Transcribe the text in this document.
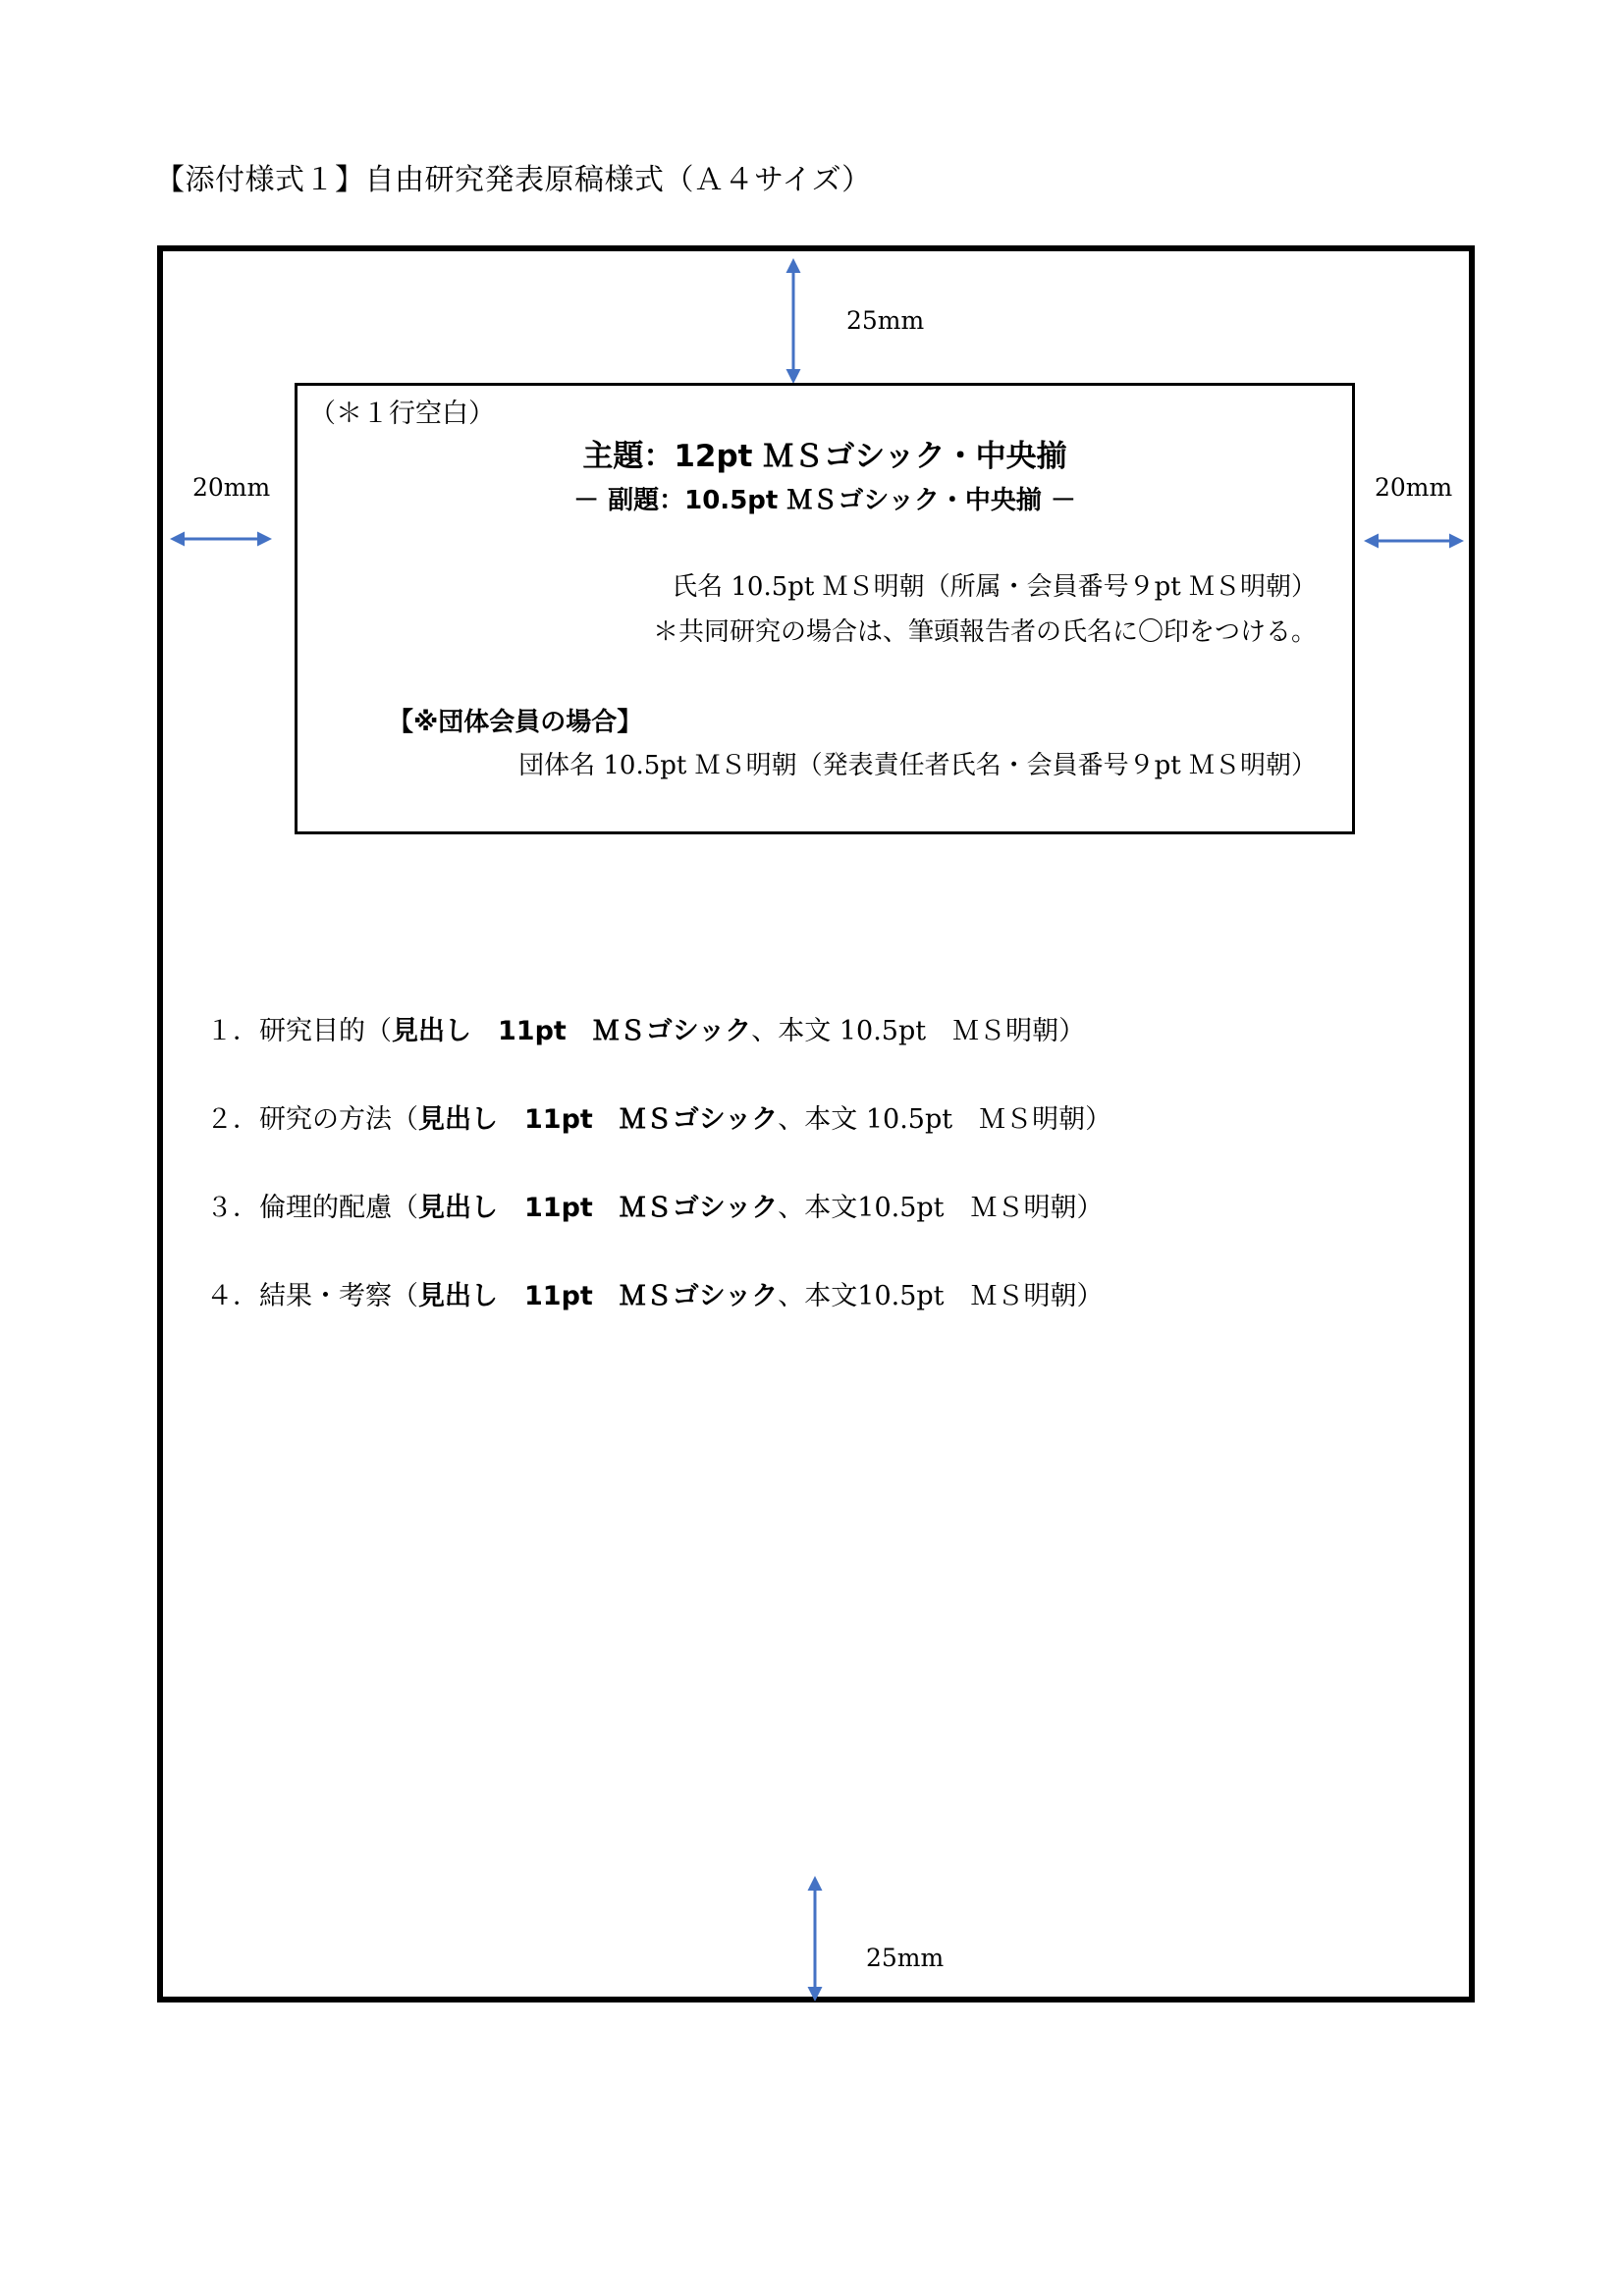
【添付様式１】自由研究発表原稿様式（Ａ４サイズ）
25mm
20mm	20mm
25mm
（＊１行空白）
主題：12pt ＭＳゴシック・中央揃
－ 副題：10.5pt ＭＳゴシック・中央揃 －
氏名 10.5pt ＭＳ明朝（所属・会員番号９pt ＭＳ明朝）
＊共同研究の場合は、筆頭報告者の氏名に〇印をつける。
【※団体会員の場合】
団体名 10.5pt ＭＳ明朝（発表責任者氏名・会員番号９pt ＭＳ明朝）
１．研究目的（見出し　11pt　ＭＳゴシック、本文 10.5pt　ＭＳ明朝）
２．研究の方法（見出し　11pt　ＭＳゴシック、本文 10.5pt　ＭＳ明朝）
３．倫理的配慮（見出し　11pt　ＭＳゴシック、本文10.5pt　ＭＳ明朝）
４．結果・考察（見出し　11pt　ＭＳゴシック、本文10.5pt　ＭＳ明朝）
